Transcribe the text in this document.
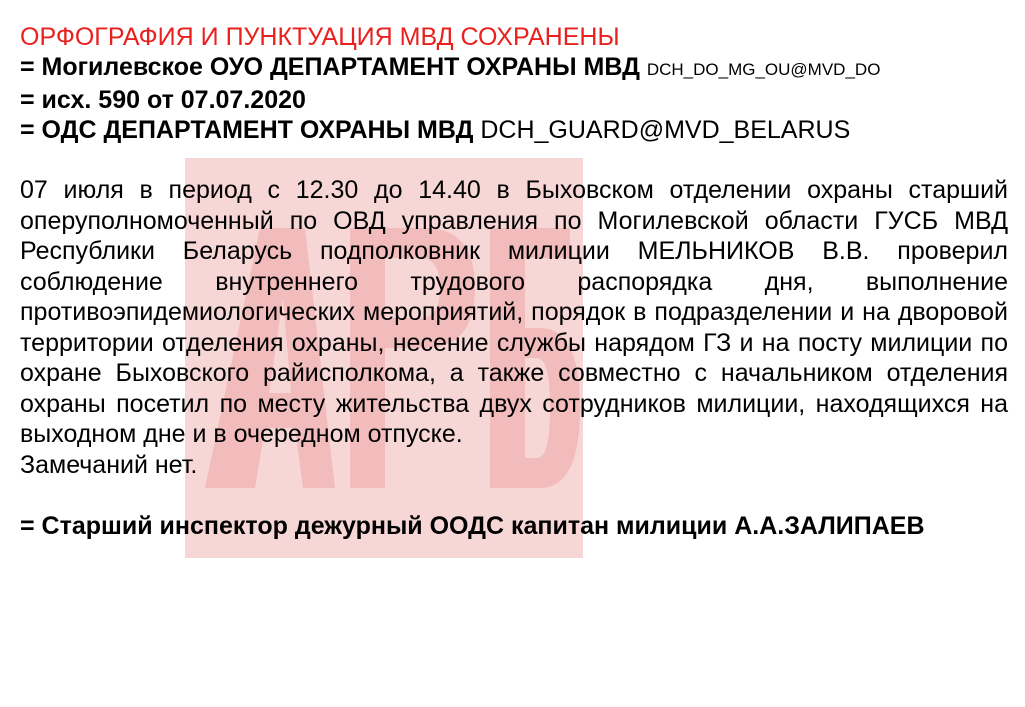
ОРФОГРАФИЯ И ПУНКТУАЦИЯ МВД СОХРАНЕНЫ
= Могилевское ОУО ДЕПАРТАМЕНТ ОХРАНЫ МВД DCH_DO_MG_OU@MVD_DO
= исх. 590 от 07.07.2020
= ОДС ДЕПАРТАМЕНТ ОХРАНЫ МВД DCH_GUARD@MVD_BELARUS
07 июля в период с 12.30 до 14.40 в Быховском отделении охраны старший оперуполномоченный по ОВД управления по Могилевской области ГУСБ МВД Республики Беларусь подполковник милиции МЕЛЬНИКОВ В.В. проверил соблюдение внутреннего трудового распорядка дня, выполнение противоэпидемиологических мероприятий, порядок в подразделении и на дворовой территории отделения охраны, несение службы нарядом ГЗ и на посту милиции по охране Быховского райисполкома, а также совместно с начальником отделения охраны посетил по месту жительства двух сотрудников милиции, находящихся на выходном дне и в очередном отпуске.
Замечаний нет.
= Старший инспектор дежурный ООДС капитан милиции А.А.ЗАЛИПАЕВ
